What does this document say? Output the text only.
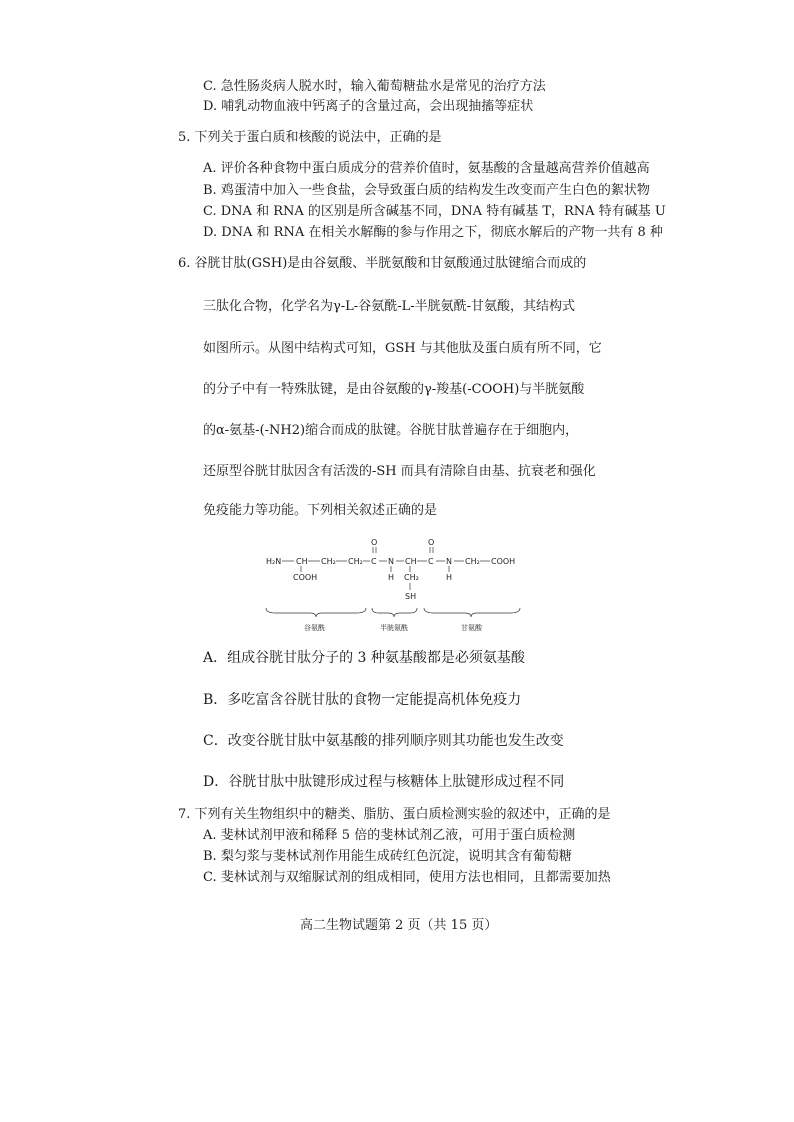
C. 急性肠炎病人脱水时，输入葡萄糖盐水是常见的治疗方法
D. 哺乳动物血液中钙离子的含量过高，会出现抽搐等症状
5. 下列关于蛋白质和核酸的说法中，正确的是
A. 评价各种食物中蛋白质成分的营养价值时，氨基酸的含量越高营养价值越高
B. 鸡蛋清中加入一些食盐，会导致蛋白质的结构发生改变而产生白色的絮状物
C. DNA 和 RNA 的区别是所含碱基不同，DNA 特有碱基 T，RNA 特有碱基 U
D. DNA 和 RNA 在相关水解酶的参与作用之下，彻底水解后的产物一共有 8 种
6. 谷胱甘肽(GSH)是由谷氨酸、半胱氨酸和甘氨酸通过肽键缩合而成的
三肽化合物，化学名为γ-L-谷氨酰-L-半胱氨酰-甘氨酸，其结构式
如图所示。从图中结构式可知，GSH 与其他肽及蛋白质有所不同，它
的分子中有一特殊肽键，是由谷氨酸的γ-羧基(-COOH)与半胱氨酸
的α-氨基-(-NH2)缩合而成的肽键。谷胱甘肽普遍存在于细胞内，
还原型谷胱甘肽因含有活泼的-SH 而具有清除自由基、抗衰老和强化
免疫能力等功能。下列相关叙述正确的是
H₂N CH CH₂ CH₂ C
O
N
H
CH C
O
N
H
CH₂ COOH
COOH	CH₂
SH
谷氨酰	半胱氨酰	甘氨酸
A．组成谷胱甘肽分子的 3 种氨基酸都是必须氨基酸
B．多吃富含谷胱甘肽的食物一定能提高机体免疫力
C．改变谷胱甘肽中氨基酸的排列顺序则其功能也发生改变
D．谷胱甘肽中肽键形成过程与核糖体上肽键形成过程不同
7. 下列有关生物组织中的糖类、脂肪、蛋白质检测实验的叙述中，正确的是
A. 斐林试剂甲液和稀释 5 倍的斐林试剂乙液，可用于蛋白质检测
B. 梨匀浆与斐林试剂作用能生成砖红色沉淀，说明其含有葡萄糖
C. 斐林试剂与双缩脲试剂的组成相同，使用方法也相同，且都需要加热
高二生物试题第 2 页（共 15 页）
